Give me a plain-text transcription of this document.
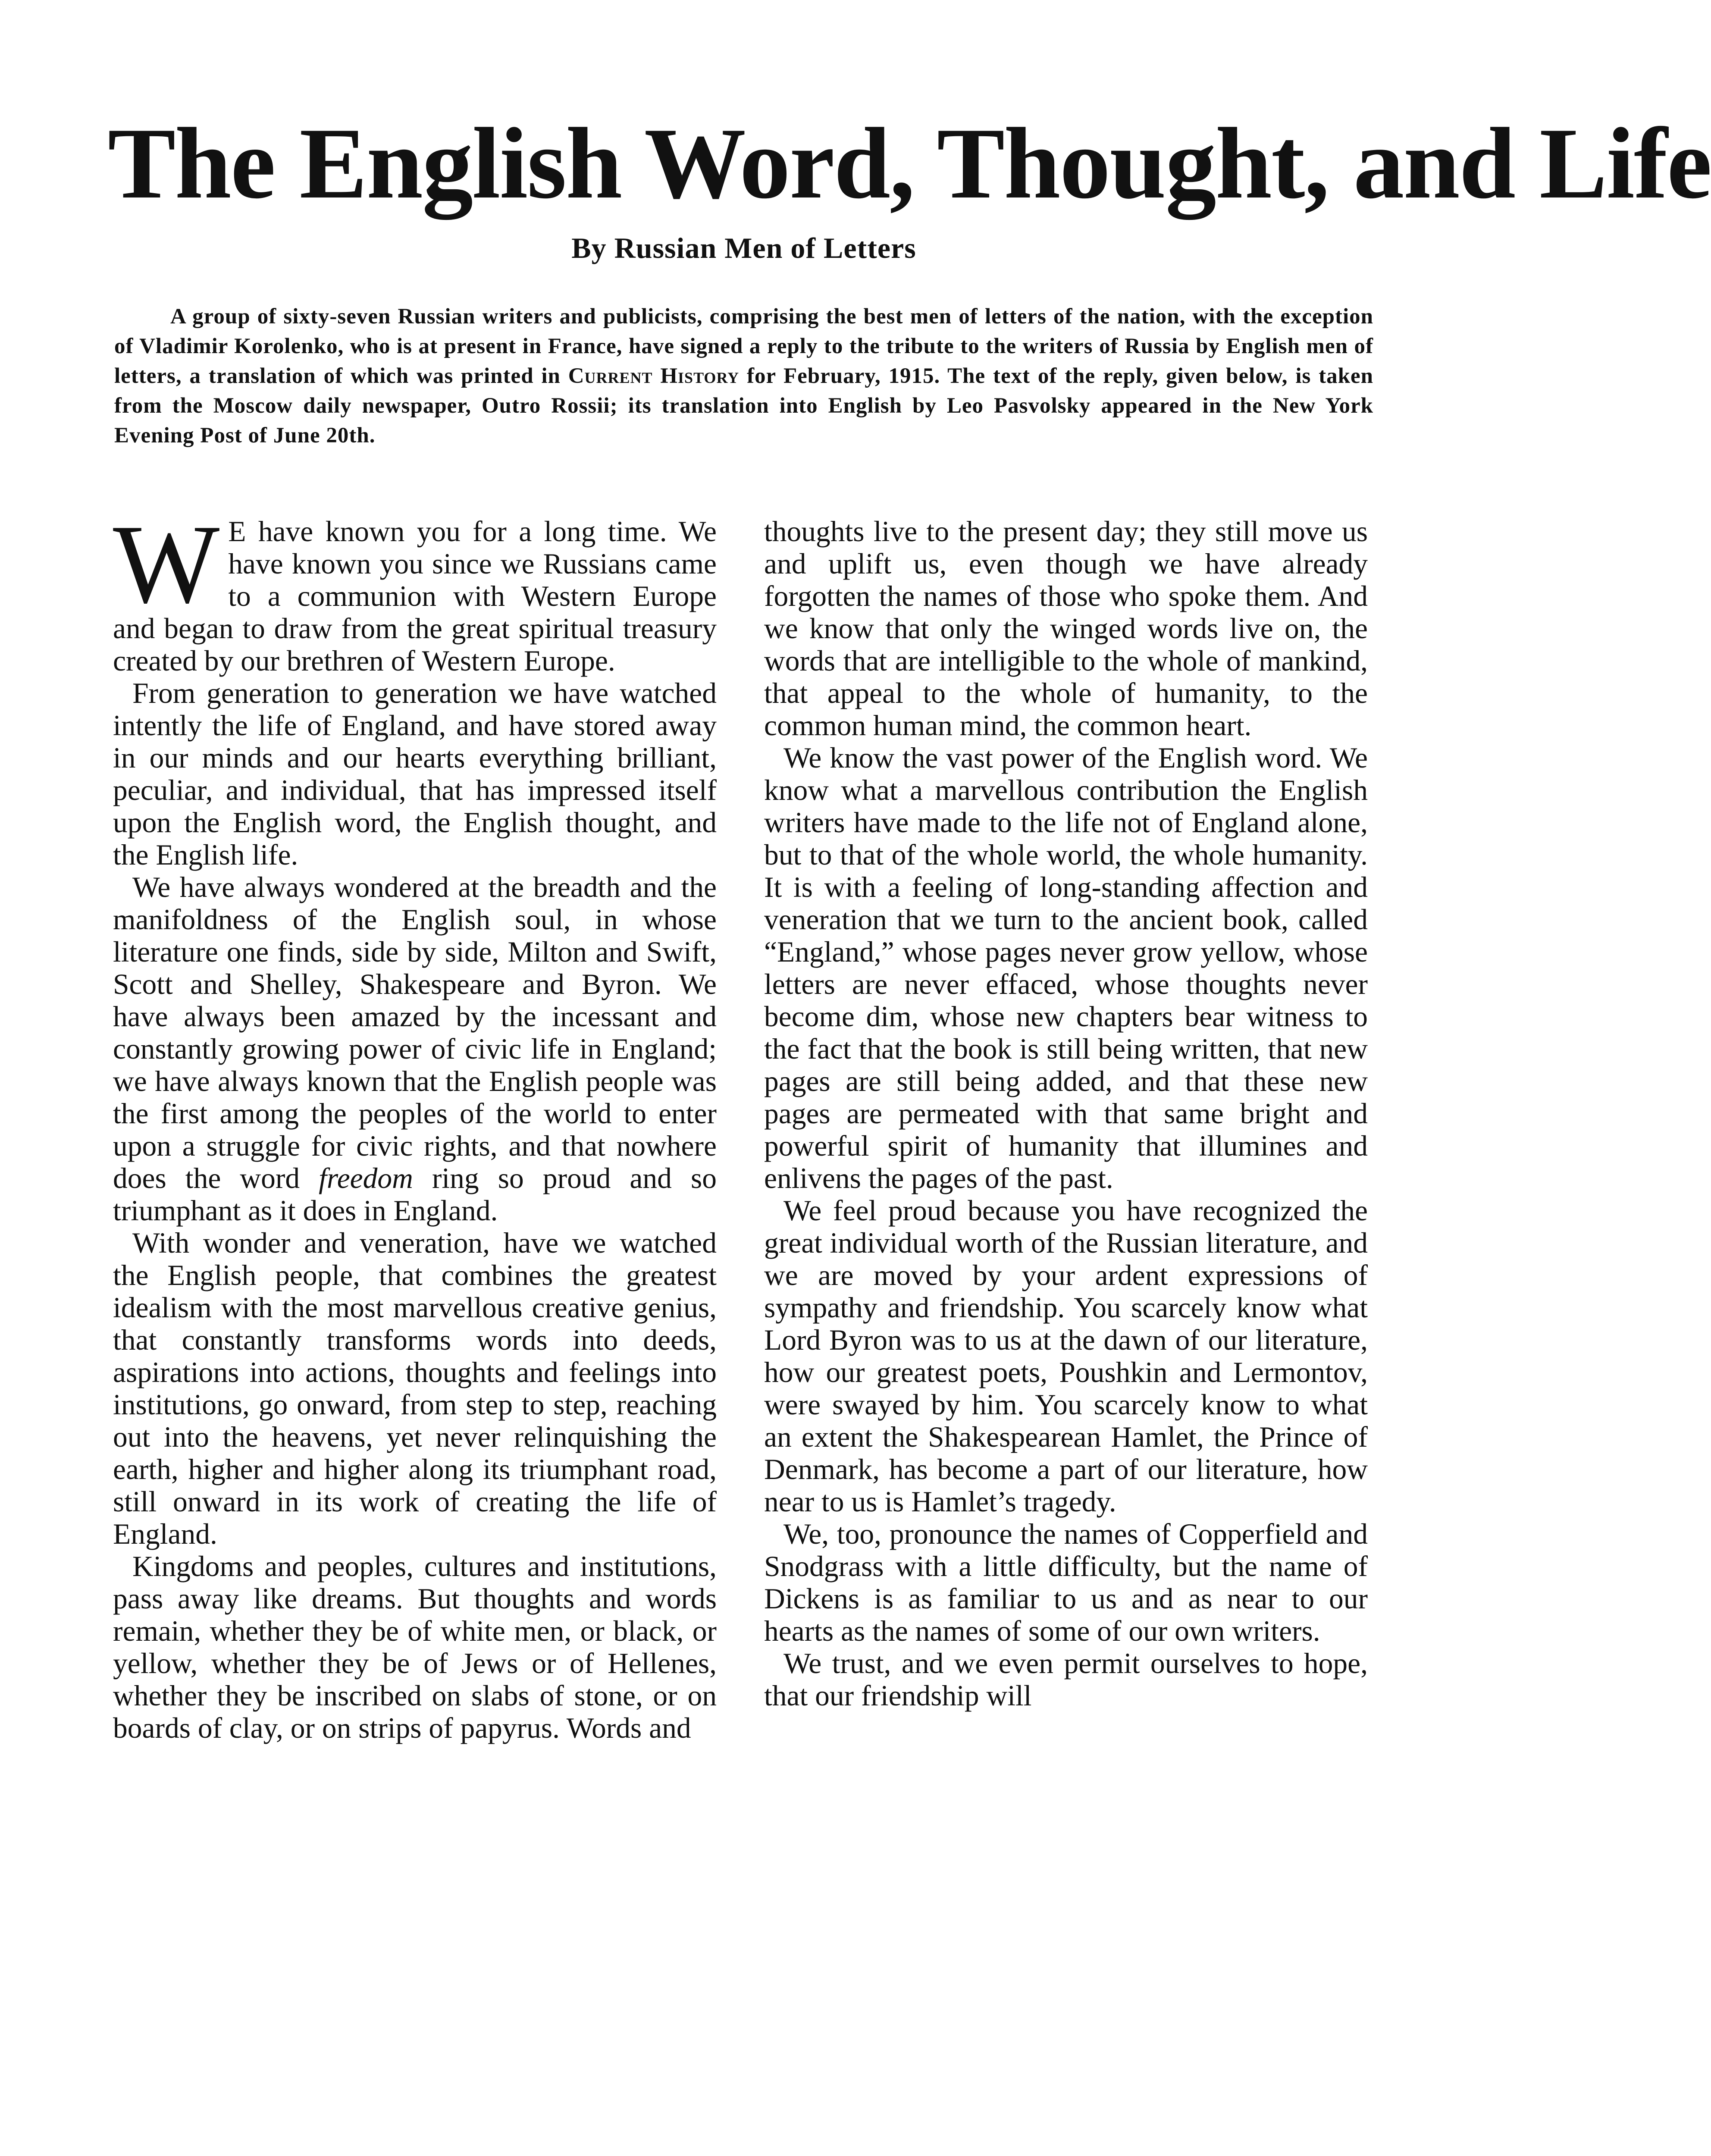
The English Word, Thought, and Life
By Russian Men of Letters
A group of sixty-seven Russian writers and publicists, comprising the best men of letters of the nation, with the exception of Vladimir Korolenko, who is at present in France, have signed a reply to the tribute to the writers of Russia by English men of letters, a translation of which was printed in Current History for February, 1915. The text of the reply, given below, is taken from the Moscow daily newspaper, Outro Rossii; its translation into English by Leo Pasvolsky appeared in the New York Evening Post of June 20th.

W E have known you for a long time. We have known you since we Russians came to a communion with Western Europe and began to draw from the great spiritual treasury created by our brethren of Western Europe.

From generation to generation we have watched intently the life of England, and have stored away in our minds and our hearts everything brilliant, peculiar, and individual, that has impressed itself upon the English word, the English thought, and the English life.

We have always wondered at the breadth and the manifoldness of the English soul, in whose literature one finds, side by side, Milton and Swift, Scott and Shelley, Shakespeare and Byron. We have always been amazed by the incessant and constantly growing power of civic life in England; we have always known that the English people was the first among the peoples of the world to enter upon a struggle for civic rights, and that nowhere does the word freedom ring so proud and so triumphant as it does in England.

With wonder and veneration, have we watched the English people, that combines the greatest idealism with the most marvellous creative genius, that constantly transforms words into deeds, aspirations into actions, thoughts and feelings into institutions, go onward, from step to step, reaching out into the heavens, yet never relinquishing the earth, higher and higher along its triumphant road, still onward in its work of creating the life of England.

Kingdoms and peoples, cultures and institutions, pass away like dreams. But thoughts and words remain, whether they be of white men, or black, or yellow, whether they be of Jews or of Hellenes, whether they be inscribed on slabs of stone, or on boards of clay, or on strips of papyrus. Words and

thoughts live to the present day; they still move us and uplift us, even though we have already forgotten the names of those who spoke them. And we know that only the winged words live on, the words that are intelligible to the whole of mankind, that appeal to the whole of humanity, to the common human mind, the common heart.

We know the vast power of the English word. We know what a marvellous contribution the English writers have made to the life not of England alone, but to that of the whole world, the whole humanity. It is with a feeling of long-standing affection and veneration that we turn to the ancient book, called “England,” whose pages never grow yellow, whose letters are never effaced, whose thoughts never become dim, whose new chapters bear witness to the fact that the book is still being written, that new pages are still being added, and that these new pages are permeated with that same bright and powerful spirit of humanity that illumines and enlivens the pages of the past.

We feel proud because you have recognized the great individual worth of the Russian literature, and we are moved by your ardent expressions of sympathy and friendship. You scarcely know what Lord Byron was to us at the dawn of our literature, how our greatest poets, Poushkin and Lermontov, were swayed by him. You scarcely know to what an extent the Shakespearean Hamlet, the Prince of Denmark, has become a part of our literature, how near to us is Hamlet’s tragedy.

We, too, pronounce the names of Copperfield and Snodgrass with a little difficulty, but the name of Dickens is as familiar to us and as near to our hearts as the names of some of our own writers.

We trust, and we even permit ourselves to hope, that our friendship will
